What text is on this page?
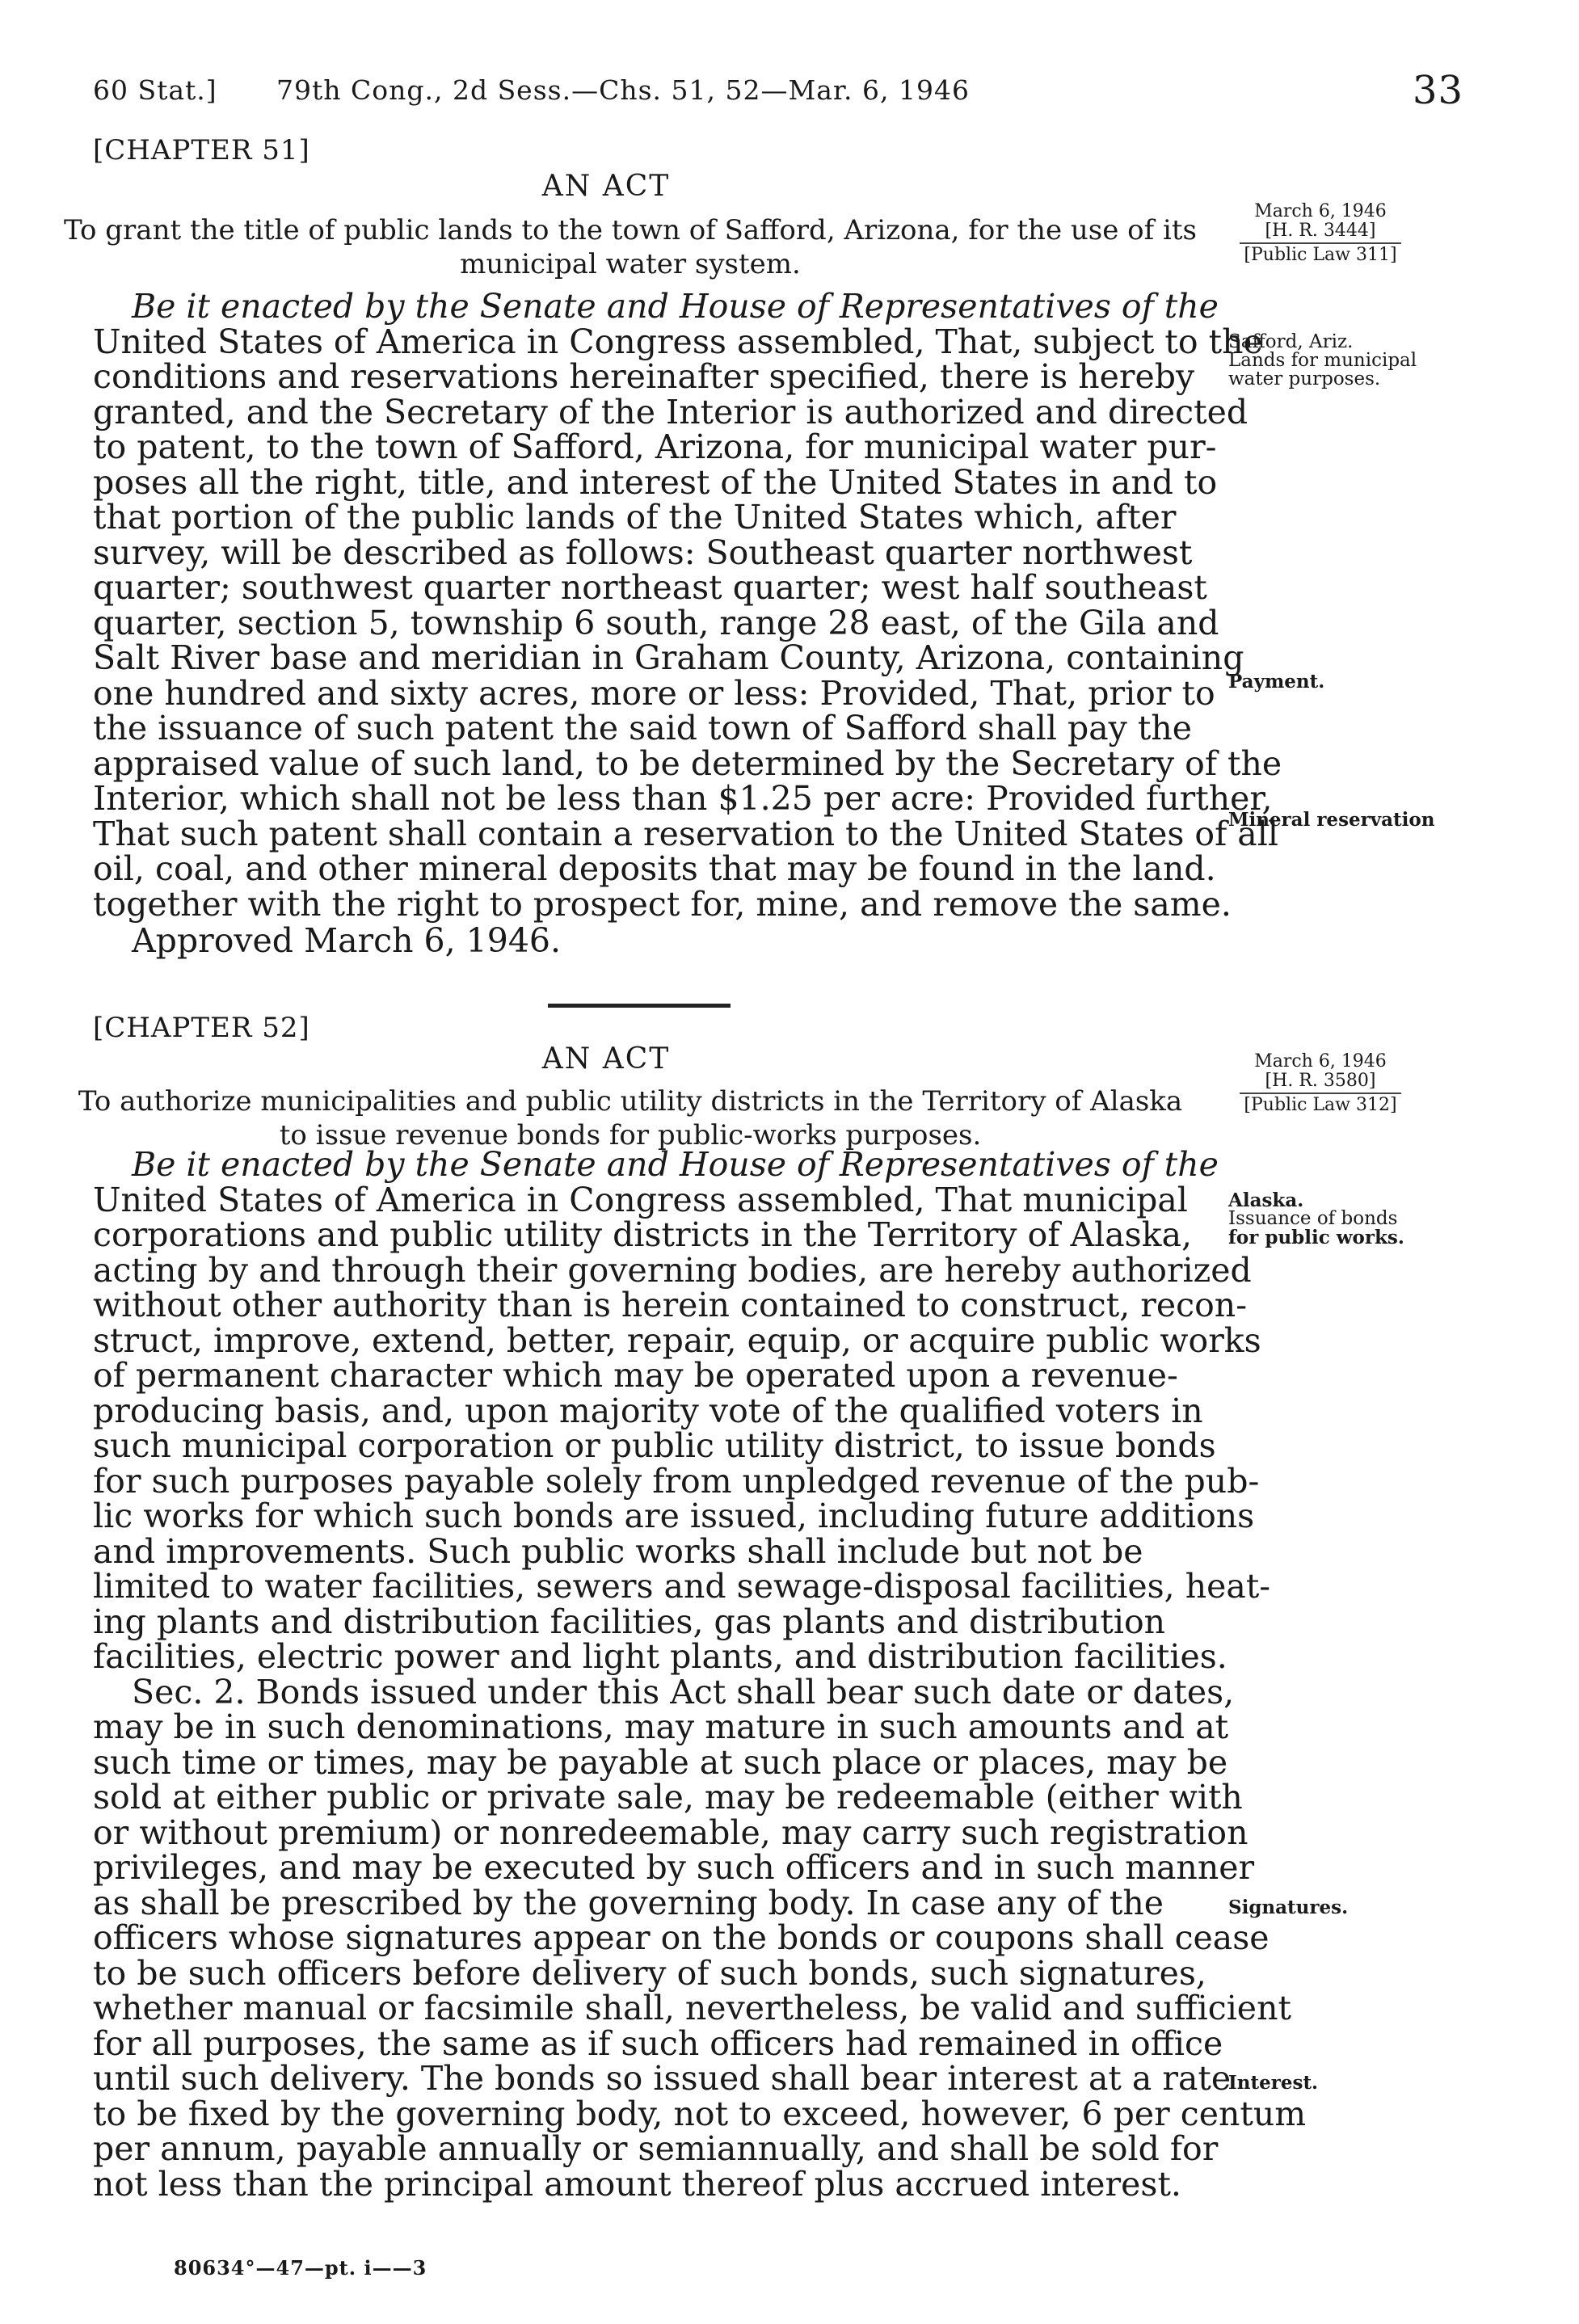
60 Stat.] 79th Cong., 2d Sess.—Chs. 51, 52—Mar. 6, 1946	33
[CHAPTER 51]
AN ACT
To grant the title of public lands to the town of Safford, Arizona, for the use of its
municipal water system.
March 6, 1946
[H. R. 3444]
[Public Law 311]
Safford, Ariz.
Lands for municipal
water purposes.
Payment.
Mineral reservation
Be it enacted by the Senate and House of Representatives of the
United States of America in Congress assembled, That, subject to the
conditions and reservations hereinafter specified, there is hereby
granted, and the Secretary of the Interior is authorized and directed
to patent, to the town of Safford, Arizona, for municipal water pur-
poses all the right, title, and interest of the United States in and to
that portion of the public lands of the United States which, after
survey, will be described as follows: Southeast quarter northwest
quarter; southwest quarter northeast quarter; west half southeast
quarter, section 5, township 6 south, range 28 east, of the Gila and
Salt River base and meridian in Graham County, Arizona, containing
one hundred and sixty acres, more or less: Provided, That, prior to
the issuance of such patent the said town of Safford shall pay the
appraised value of such land, to be determined by the Secretary of the
Interior, which shall not be less than $1.25 per acre: Provided further,
That such patent shall contain a reservation to the United States of all
oil, coal, and other mineral deposits that may be found in the land.
together with the right to prospect for, mine, and remove the same.
Approved March 6, 1946.
[CHAPTER 52]
AN ACT
To authorize municipalities and public utility districts in the Territory of Alaska
to issue revenue bonds for public-works purposes.
March 6, 1946
[H. R. 3580]
[Public Law 312]
Alaska.
Issuance of bonds
for public works.
Signatures.
Interest.
Be it enacted by the Senate and House of Representatives of the
United States of America in Congress assembled, That municipal
corporations and public utility districts in the Territory of Alaska,
acting by and through their governing bodies, are hereby authorized
without other authority than is herein contained to construct, recon-
struct, improve, extend, better, repair, equip, or acquire public works
of permanent character which may be operated upon a revenue-
producing basis, and, upon majority vote of the qualified voters in
such municipal corporation or public utility district, to issue bonds
for such purposes payable solely from unpledged revenue of the pub-
lic works for which such bonds are issued, including future additions
and improvements. Such public works shall include but not be
limited to water facilities, sewers and sewage-disposal facilities, heat-
ing plants and distribution facilities, gas plants and distribution
facilities, electric power and light plants, and distribution facilities.
Sec. 2. Bonds issued under this Act shall bear such date or dates,
may be in such denominations, may mature in such amounts and at
such time or times, may be payable at such place or places, may be
sold at either public or private sale, may be redeemable (either with
or without premium) or nonredeemable, may carry such registration
privileges, and may be executed by such officers and in such manner
as shall be prescribed by the governing body. In case any of the
officers whose signatures appear on the bonds or coupons shall cease
to be such officers before delivery of such bonds, such signatures,
whether manual or facsimile shall, nevertheless, be valid and sufficient
for all purposes, the same as if such officers had remained in office
until such delivery. The bonds so issued shall bear interest at a rate
to be fixed by the governing body, not to exceed, however, 6 per centum
per annum, payable annually or semiannually, and shall be sold for
not less than the principal amount thereof plus accrued interest.
80634°—47—pt. i——3
